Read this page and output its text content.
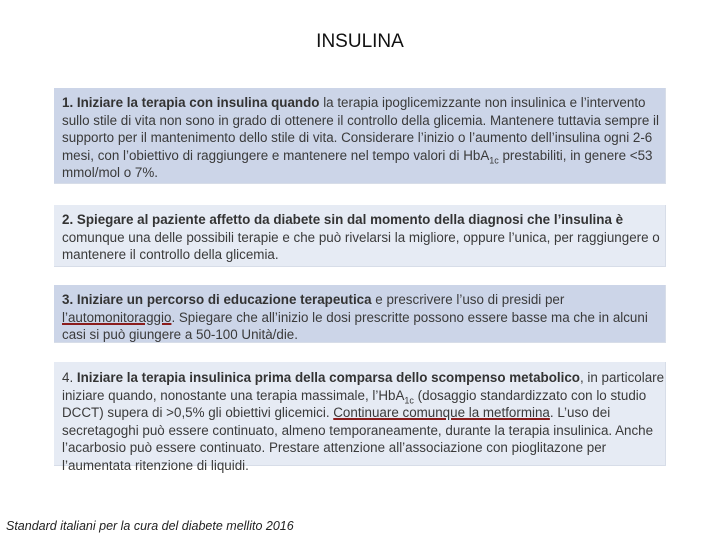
INSULINA

1. Iniziare la terapia con insulina quando la terapia ipoglicemizzante non insulinica e l’intervento sullo stile di vita non sono in grado di ottenere il controllo della glicemia. Mantenere tuttavia sempre il supporto per il mantenimento dello stile di vita. Considerare l’inizio o l’aumento dell’insulina ogni 2-6 mesi, con l’obiettivo di raggiungere e mantenere nel tempo valori di HbA$_{1c}$ prestabiliti, in genere <53 mmol/mol o 7%.

2. Spiegare al paziente affetto da diabete sin dal momento della diagnosi che l’insulina è comunque una delle possibili terapie e che può rivelarsi la migliore, oppure l’unica, per raggiungere o mantenere il controllo della glicemia.

3. Iniziare un percorso di educazione terapeutica e prescrivere l’uso di presidi per l’automonitoraggio. Spiegare che all’inizio le dosi prescritte possono essere basse ma che in alcuni casi si può giungere a 50-100 Unità/die.

4. Iniziare la terapia insulinica prima della comparsa dello scompenso metabolico, in particolare iniziare quando, nonostante una terapia massimale, l’HbA$_{1c}$ (dosaggio standardizzato con lo studio DCCT) supera di >0,5% gli obiettivi glicemici. Continuare comunque la metformina. L’uso dei secretagoghi può essere continuato, almeno temporaneamente, durante la terapia insulinica. Anche l’acarbosio può essere continuato. Prestare attenzione all’associazione con pioglitazone per l’aumentata ritenzione di liquidi.

Standard italiani per la cura del diabete mellito 2016
